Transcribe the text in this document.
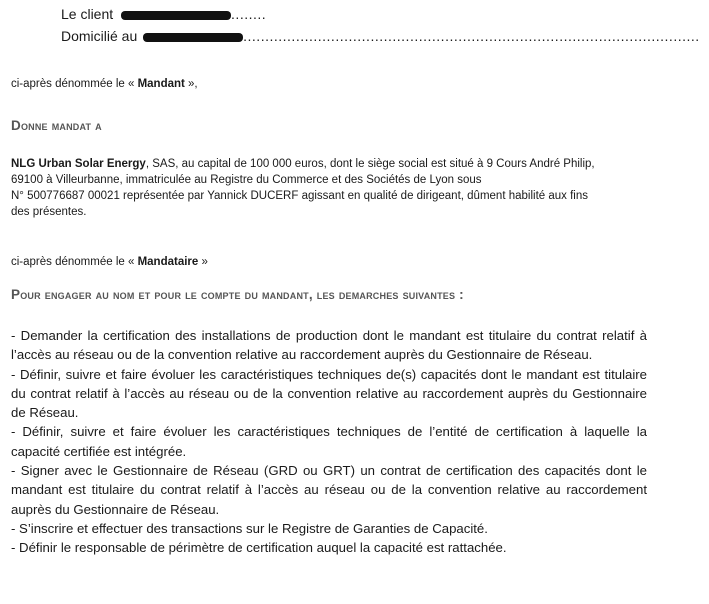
Le client	........
Domicilié au	........................................................................................................
ci-après dénommée le « Mandant »,
Donne mandat a
NLG Urban Solar Energy, SAS, au capital de 100 000 euros, dont le siège social est situé à 9 Cours André Philip,
69100 à Villeurbanne, immatriculée au Registre du Commerce et des Sociétés de Lyon sous
N° 500776687 00021 représentée par Yannick DUCERF agissant en qualité de dirigeant, dûment habilité aux fins
des présentes.
ci-après dénommée le « Mandataire »
Pour engager au nom et pour le compte du mandant, les demarches suivantes :

- Demander la certification des installations de production dont le mandant est titulaire du contrat relatif à l’accès au réseau ou de la convention relative au raccordement auprès du Gestionnaire de Réseau.

- Définir, suivre et faire évoluer les caractéristiques techniques de(s) capacités dont le mandant est titulaire du contrat relatif à l’accès au réseau ou de la convention relative au raccordement auprès du Gestionnaire de Réseau.

- Définir, suivre et faire évoluer les caractéristiques techniques de l’entité de certification à laquelle la capacité certifiée est intégrée.

- Signer avec le Gestionnaire de Réseau (GRD ou GRT) un contrat de certification des capacités dont le mandant est titulaire du contrat relatif à l’accès au réseau ou de la convention relative au raccordement auprès du Gestionnaire de Réseau.

- S’inscrire et effectuer des transactions sur le Registre de Garanties de Capacité.

- Définir le responsable de périmètre de certification auquel la capacité est rattachée.
